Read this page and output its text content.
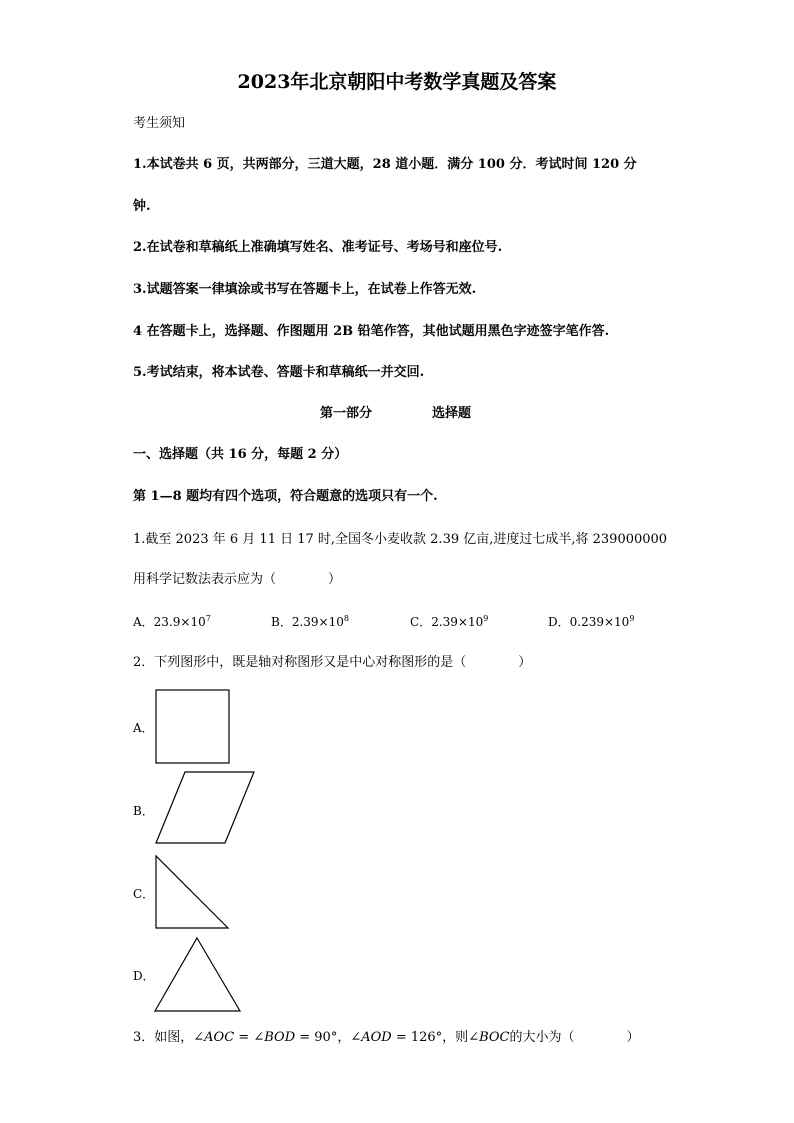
2023年北京朝阳中考数学真题及答案
考生须知
1.本试卷共 6 页，共两部分，三道大题，28 道小题．满分 100 分．考试时间 120 分
钟.
2.在试卷和草稿纸上准确填写姓名、准考证号、考场号和座位号.
3.试题答案一律填涂或书写在答题卡上，在试卷上作答无效.
4 在答题卡上，选择题、作图题用 2B 铅笔作答，其他试题用黑色字迹签字笔作答.
5.考试结束，将本试卷、答题卡和草稿纸一并交回.
第一部分	选择题
一、选择题（共 16 分，每题 2 分）
第 1—8 题均有四个选项，符合题意的选项只有一个.
1.截至 2023 年 6 月 11 日 17 时,全国冬小麦收款 2.39 亿亩,进度过七成半,将 239000000
用科学记数法表示应为（　　　　）
A．$23.9\times 10^7$	B．$2.39\times 10^8$	C．$2.39\times 10^9$	D．$0.239\times 10^9$
2．下列图形中，既是轴对称图形又是中心对称图形的是（　　　　）
A．
B．
C．
D．
3．如图，∠AOC = ∠BOD = 90°，∠AOD = 126°，则∠BOC的大小为（　　　　）
